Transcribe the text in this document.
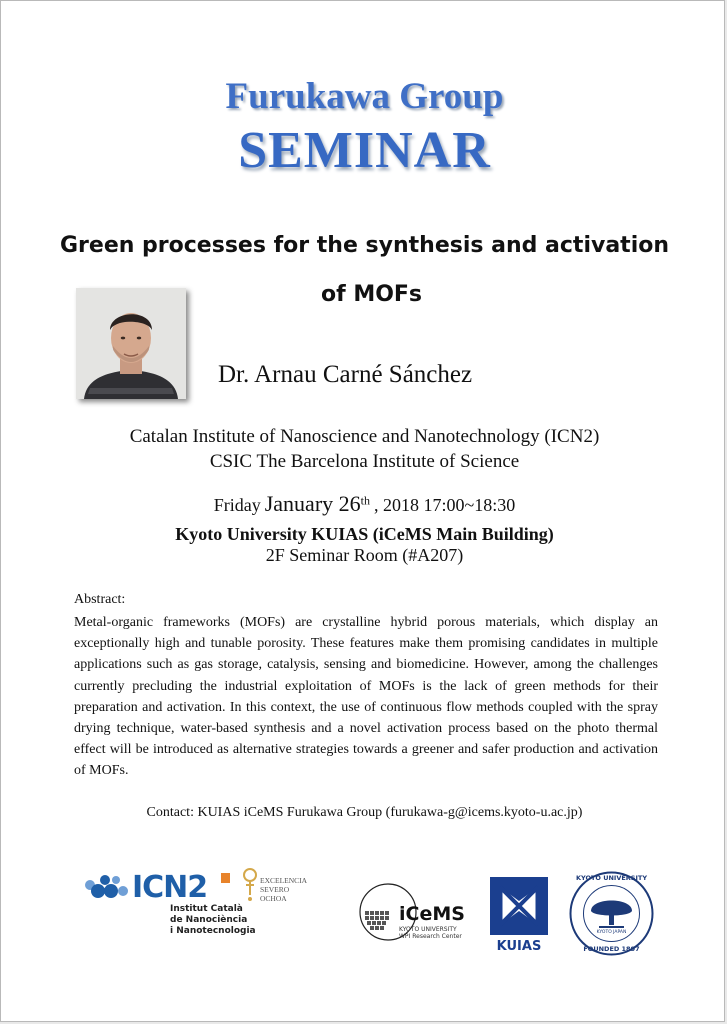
Furukawa Group
SEMINAR
Green processes for the synthesis and activation
of MOFs
Dr. Arnau Carné Sánchez
Catalan Institute of Nanoscience and Nanotechnology (ICN2)
CSIC The Barcelona Institute of Science
Friday January 26th , 2018 17:00~18:30
Kyoto University KUIAS (iCeMS Main Building)
2F Seminar Room (#A207)
Abstract:
Metal-organic frameworks (MOFs) are crystalline hybrid porous materials, which display an exceptionally high and tunable porosity. These features make them promising candidates in multiple applications such as gas storage, catalysis, sensing and biomedicine. However, among the challenges currently precluding the industrial exploitation of MOFs is the lack of green methods for their preparation and activation. In this context, the use of continuous flow methods coupled with the spray drying technique, water-based synthesis and a novel activation process based on the photo thermal effect will be introduced as alternative strategies towards a greener and safer production and activation of MOFs.
Contact: KUIAS iCeMS Furukawa Group (furukawa-g@icems.kyoto-u.ac.jp)
ICN2
Institut Català
de Nanociència
i Nanotecnologia
EXCELENCIA
SEVERO
OCHOA
iCeMS
KYOTO UNIVERSITY
WPI Research Center
KUIAS
KYOTO UNIVERSITY
FOUNDED 1897
KYOTO JAPAN
